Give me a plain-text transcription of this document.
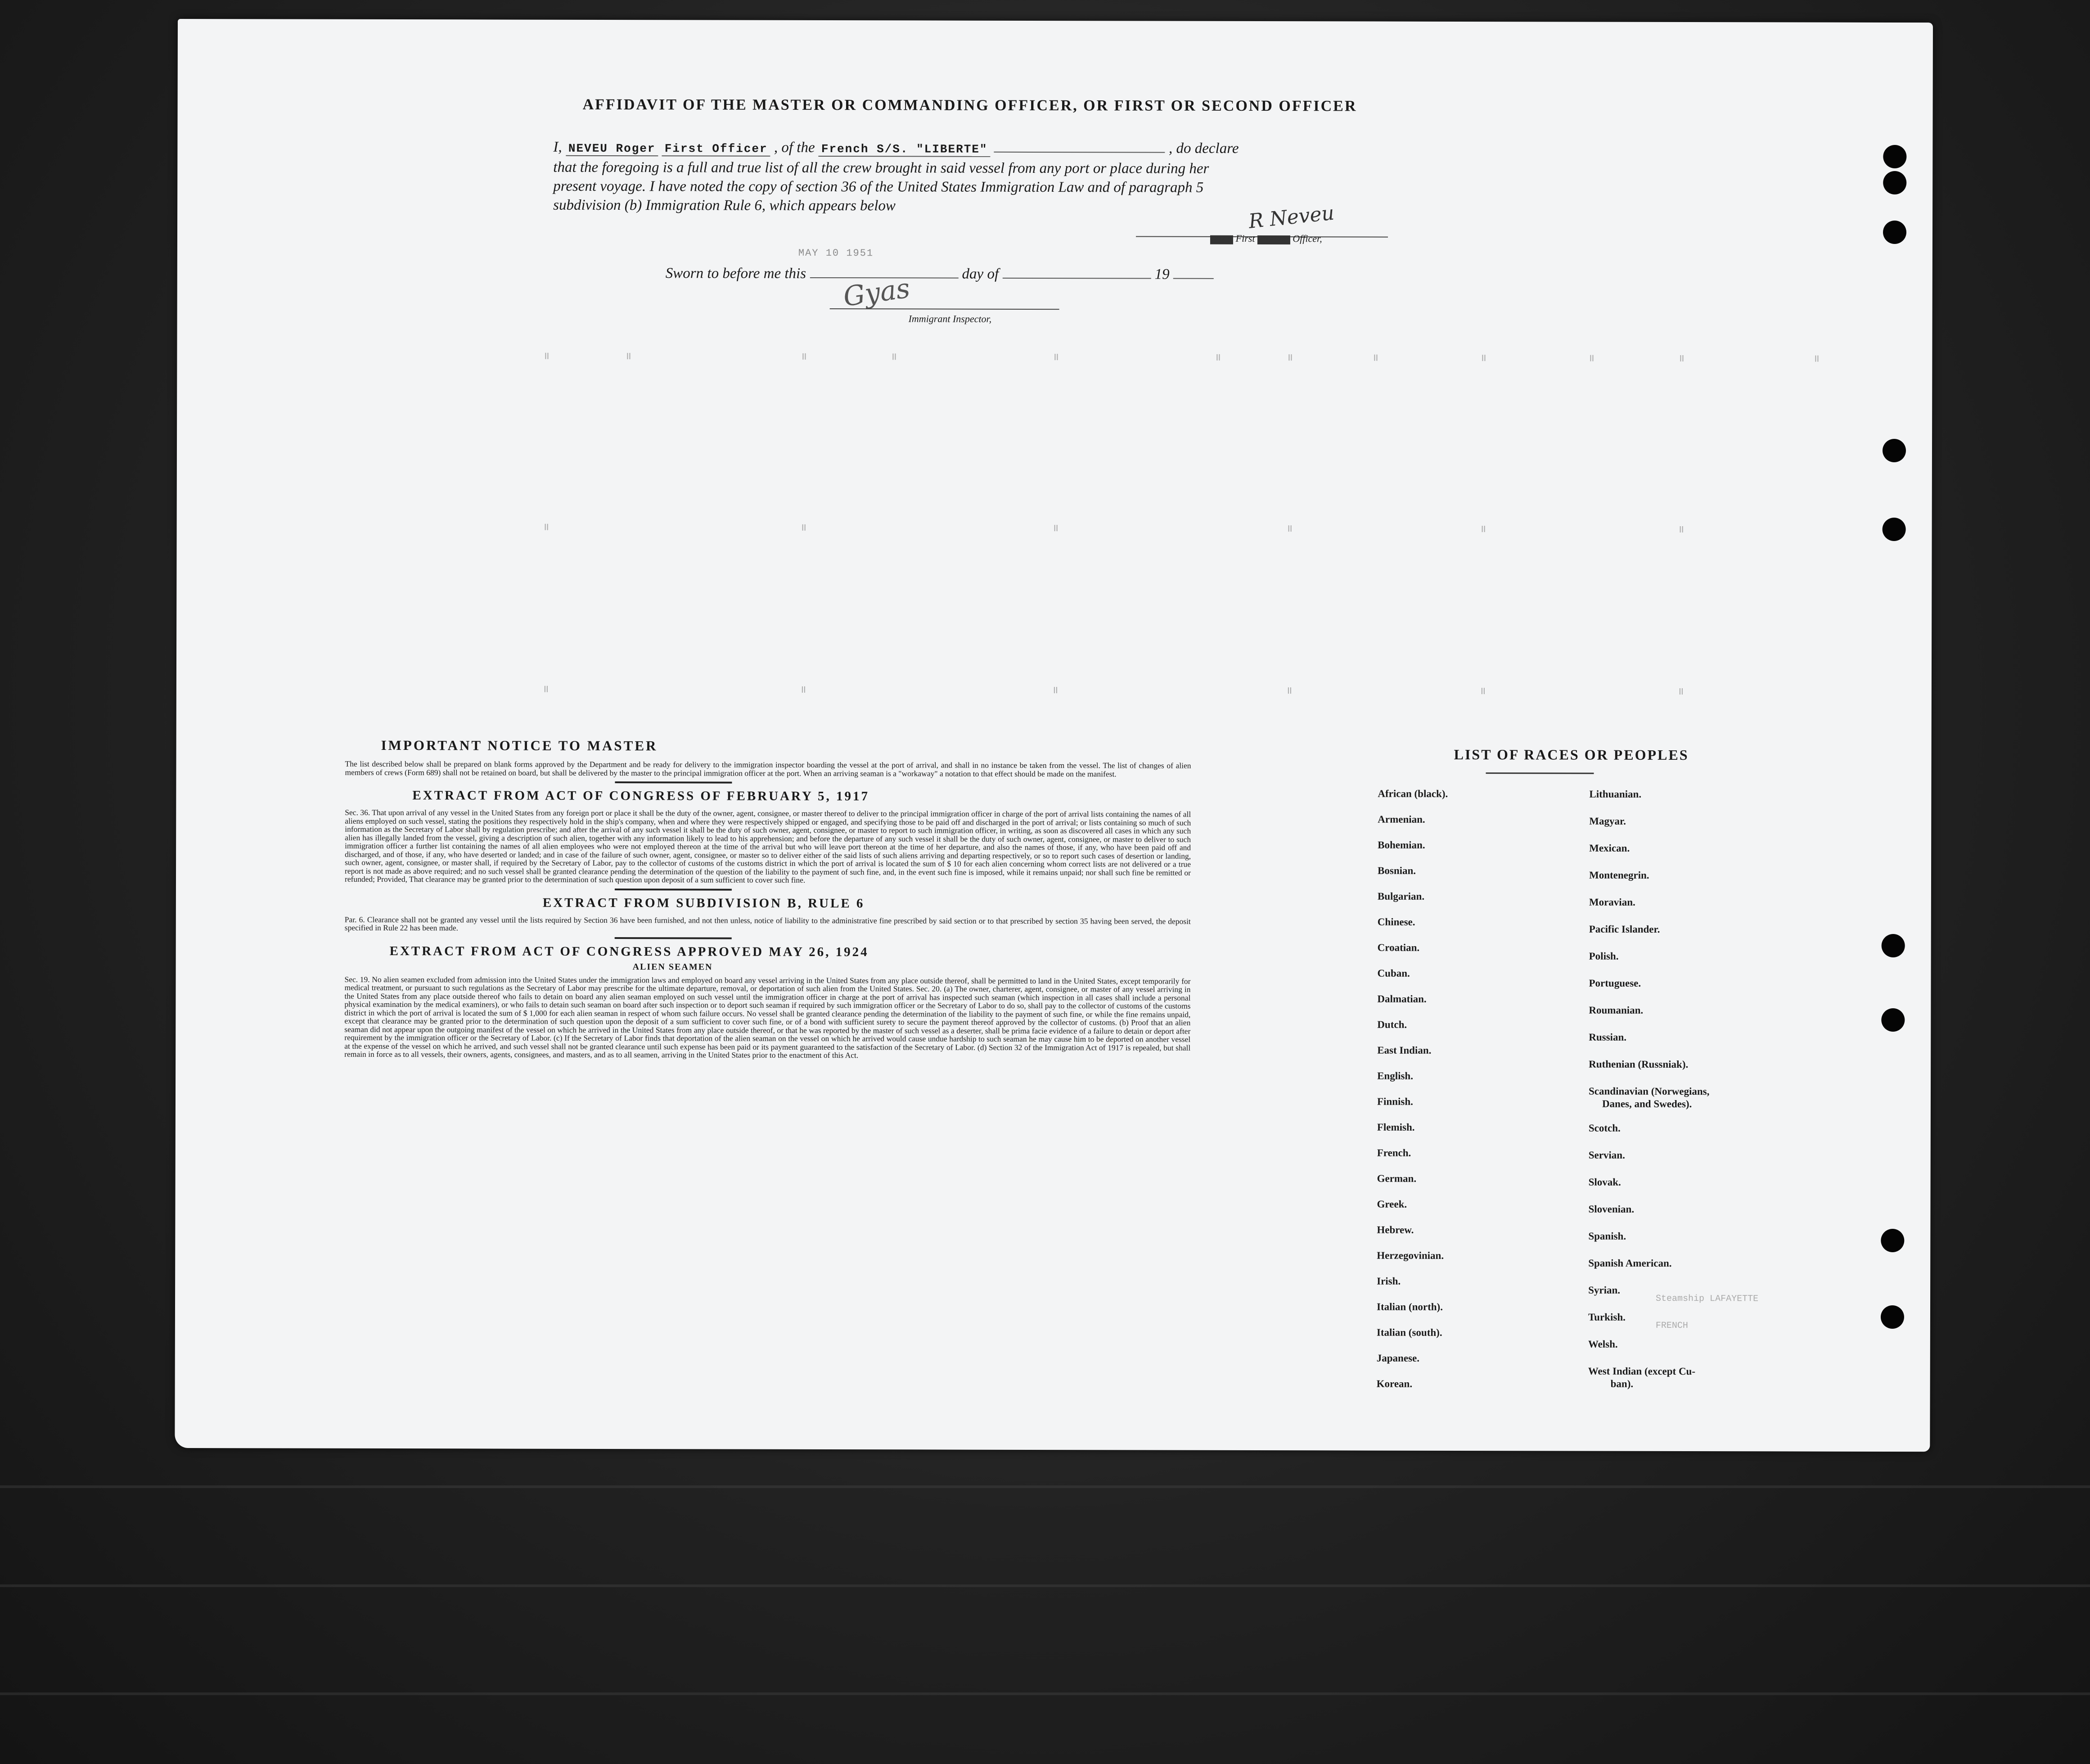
AFFIDAVIT OF THE MASTER OR COMMANDING OFFICER, OR FIRST OR SECOND OFFICER
I, NEVEU Roger First Officer , of the French S/S. "LIBERTE"	, do declare
that the foregoing is a full and true list of all the crew brought in said vessel from any port or place during her
present voyage. I have noted the copy of section 36 of the United States Immigration Law and of paragraph 5
subdivision (b) Immigration Rule 6, which appears below	R Neveu
MMMM First MMMMMM Officer,
MAY 10 1951
Sworn to before me this	day of	19
Gyas
Immigrant Inspector,
IMPORTANT NOTICE TO MASTER

The list described below shall be prepared on blank forms approved by the Department and be ready for delivery to the immigration inspector boarding the vessel at the port of arrival, and shall in no instance be taken from the vessel. The list of changes of alien members of crews (Form 689) shall not be retained on board, but shall be delivered by the master to the principal immigration officer at the port. When an arriving seaman is a "workaway" a notation to that effect should be made on the manifest.

EXTRACT FROM ACT OF CONGRESS OF FEBRUARY 5, 1917

Sec. 36. That upon arrival of any vessel in the United States from any foreign port or place it shall be the duty of the owner, agent, consignee, or master thereof to deliver to the principal immigration officer in charge of the port of arrival lists containing the names of all aliens employed on such vessel, stating the positions they respectively hold in the ship's company, when and where they were respectively shipped or engaged, and specifying those to be paid off and discharged in the port of arrival; or lists containing so much of such information as the Secretary of Labor shall by regulation prescribe; and after the arrival of any such vessel it shall be the duty of such owner, agent, consignee, or master to report to such immigration officer, in writing, as soon as discovered all cases in which any such alien has illegally landed from the vessel, giving a description of such alien, together with any information likely to lead to his apprehension; and before the departure of any such vessel it shall be the duty of such owner, agent, consignee, or master to deliver to such immigration officer a further list containing the names of all alien employees who were not employed thereon at the time of the arrival but who will leave port thereon at the time of her departure, and also the names of those, if any, who have been paid off and discharged, and of those, if any, who have deserted or landed; and in case of the failure of such owner, agent, consignee, or master so to deliver either of the said lists of such aliens arriving and departing respectively, or so to report such cases of desertion or landing, such owner, agent, consignee, or master shall, if required by the Secretary of Labor, pay to the collector of customs of the customs district in which the port of arrival is located the sum of $ 10 for each alien concerning whom correct lists are not delivered or a true report is not made as above required; and no such vessel shall be granted clearance pending the determination of the question of the liability to the payment of such fine, and, in the event such fine is imposed, while it remains unpaid; nor shall such fine be remitted or refunded; Provided, That clearance may be granted prior to the determination of such question upon deposit of a sum sufficient to cover such fine.

EXTRACT FROM SUBDIVISION B, RULE 6

Par. 6. Clearance shall not be granted any vessel until the lists required by Section 36 have been furnished, and not then unless, notice of liability to the administrative fine prescribed by said section or to that prescribed by section 35 having been served, the deposit specified in Rule 22 has been made.

EXTRACT FROM ACT OF CONGRESS APPROVED MAY 26, 1924
ALIEN SEAMEN

Sec. 19. No alien seamen excluded from admission into the United States under the immigration laws and employed on board any vessel arriving in the United States from any place outside thereof, shall be permitted to land in the United States, except temporarily for medical treatment, or pursuant to such regulations as the Secretary of Labor may prescribe for the ultimate departure, removal, or deportation of such alien from the United States. Sec. 20. (a) The owner, charterer, agent, consignee, or master of any vessel arriving in the United States from any place outside thereof who fails to detain on board any alien seaman employed on such vessel until the immigration officer in charge at the port of arrival has inspected such seaman (which inspection in all cases shall include a personal physical examination by the medical examiners), or who fails to detain such seaman on board after such inspection or to deport such seaman if required by such immigration officer or the Secretary of Labor to do so, shall pay to the collector of customs of the customs district in which the port of arrival is located the sum of $ 1,000 for each alien seaman in respect of whom such failure occurs. No vessel shall be granted clearance pending the determination of the liability to the payment of such fine, or while the fine remains unpaid, except that clearance may be granted prior to the determination of such question upon the deposit of a sum sufficient to cover such fine, or of a bond with sufficient surety to secure the payment thereof approved by the collector of customs. (b) Proof that an alien seaman did not appear upon the outgoing manifest of the vessel on which he arrived in the United States from any place outside thereof, or that he was reported by the master of such vessel as a deserter, shall be prima facie evidence of a failure to detain or deport after requirement by the immigration officer or the Secretary of Labor. (c) If the Secretary of Labor finds that deportation of the alien seaman on the vessel on which he arrived would cause undue hardship to such seaman he may cause him to be deported on another vessel at the expense of the vessel on which he arrived, and such vessel shall not be granted clearance until such expense has been paid or its payment guaranteed to the satisfaction of the Secretary of Labor. (d) Section 32 of the Immigration Act of 1917 is repealed, but shall remain in force as to all vessels, their owners, agents, consignees, and masters, and as to all seamen, arriving in the United States prior to the enactment of this Act.

LIST OF RACES OR PEOPLES
African (black).
Armenian.
Bohemian.
Bosnian.
Bulgarian.
Chinese.
Croatian.
Cuban.
Dalmatian.
Dutch.
East Indian.
English.
Finnish.
Flemish.
French.
German.
Greek.
Hebrew.
Herzegovinian.
Irish.
Italian (north).
Italian (south).
Japanese.
Korean.
Lithuanian.
Magyar.
Mexican.
Montenegrin.
Moravian.
Pacific Islander.
Polish.
Portuguese.
Roumanian.
Russian.
Ruthenian (Russniak).
Scandinavian (Norwegians,
Danes, and Swedes).
Scotch.
Servian.
Slovak.
Slovenian.
Spanish.
Spanish American.
Syrian.
Turkish.
Welsh.
West Indian (except Cu-
ban).
Steamship LAFAYETTE
FRENCH
